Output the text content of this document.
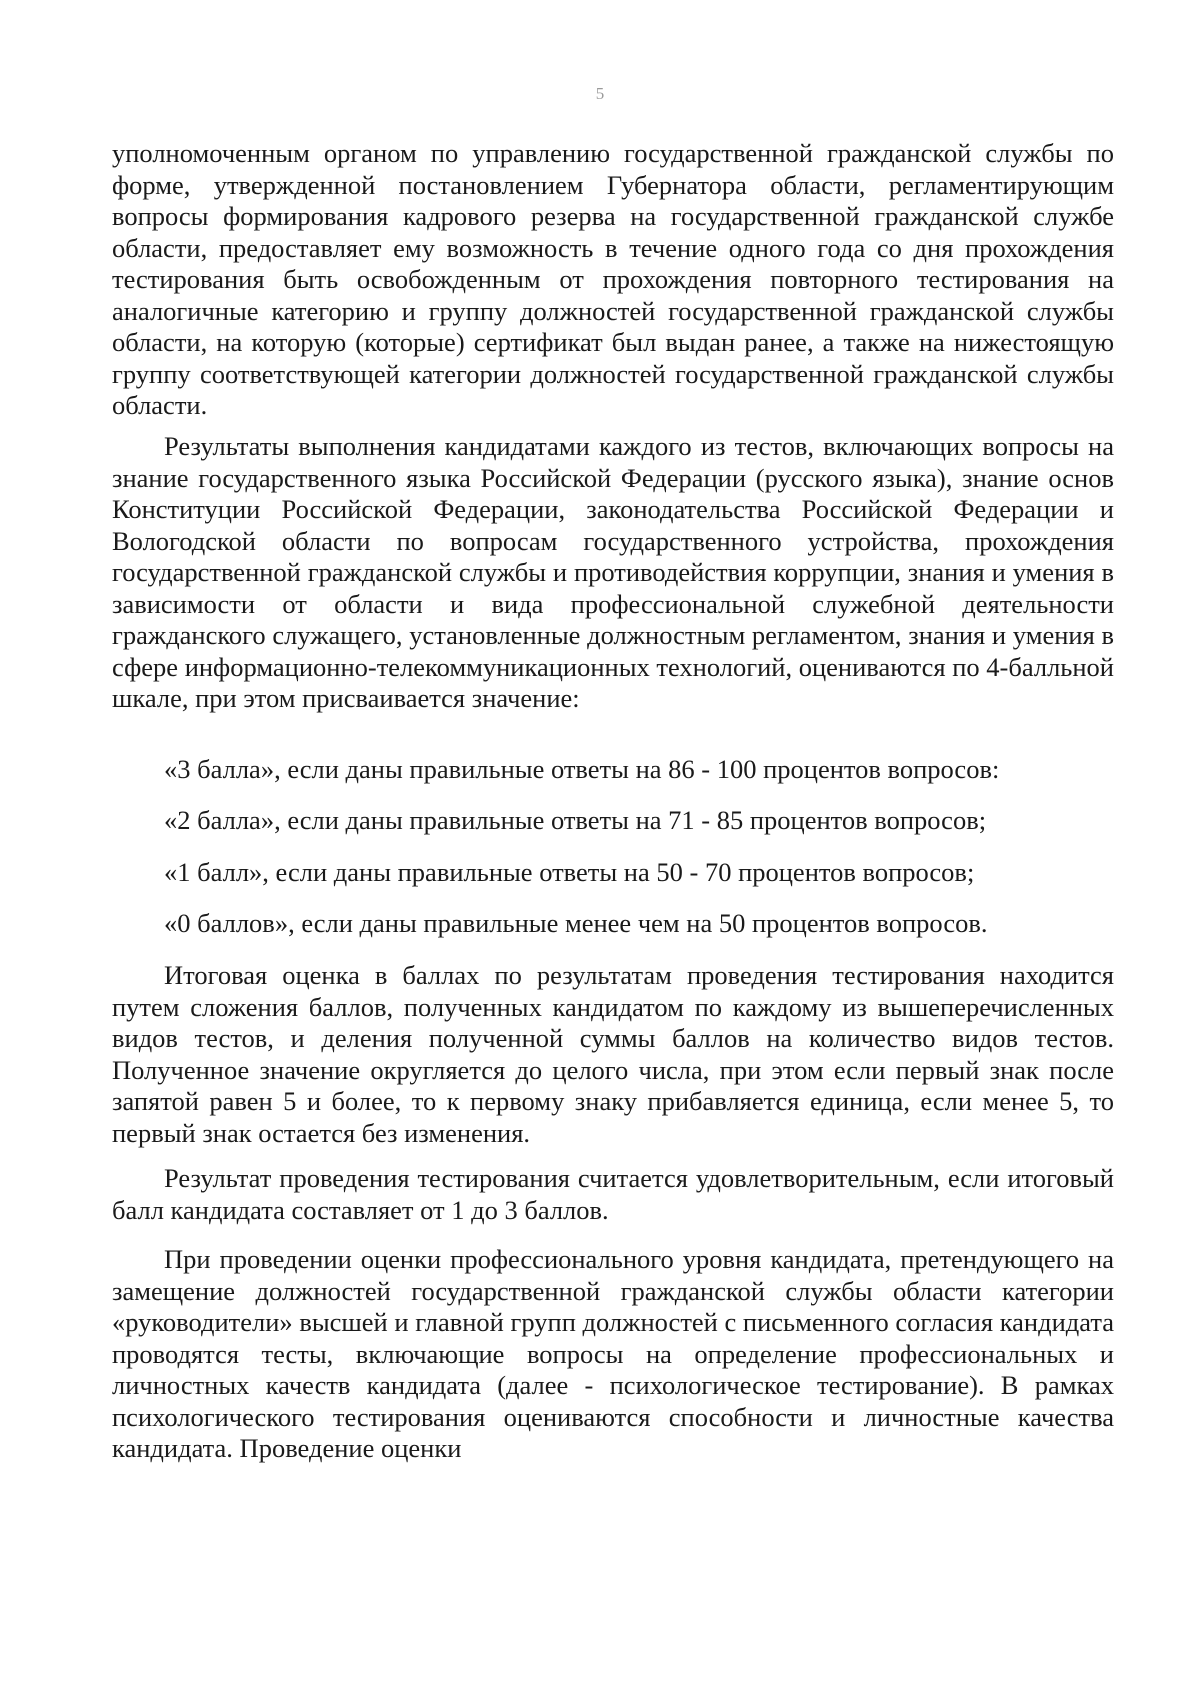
5

уполномоченным органом по управлению государственной гражданской службы по форме, утвержденной постановлением Губернатора области, регламентирующим вопросы формирования кадрового резерва на государственной гражданской службе области, предоставляет ему возможность в течение одного года со дня прохождения тестирования быть освобожденным от прохождения повторного тестирования на аналогичные категорию и группу должностей государственной гражданской службы области, на которую (которые) сертификат был выдан ранее, а также на нижестоящую группу соответствующей категории должностей государственной гражданской службы области.

Результаты выполнения кандидатами каждого из тестов, включающих вопросы на знание государственного языка Российской Федерации (русского языка), знание основ Конституции Российской Федерации, законодательства Российской Федерации и Вологодской области по вопросам государственного устройства, прохождения государственной гражданской службы и противодействия коррупции, знания и умения в зависимости от области и вида профессиональной служебной деятельности гражданского служащего, установленные должностным регламентом, знания и умения в сфере информационно-телекоммуникационных технологий, оцениваются по 4-балльной шкале, при этом присваивается значение:

«3 балла», если даны правильные ответы на 86 - 100 процентов вопросов:

«2 балла», если даны правильные ответы на 71 - 85 процентов вопросов;

«1 балл», если даны правильные ответы на 50 - 70 процентов вопросов;

«0 баллов», если даны правильные менее чем на 50 процентов вопросов.

Итоговая оценка в баллах по результатам проведения тестирования находится путем сложения баллов, полученных кандидатом по каждому из вышеперечисленных видов тестов, и деления полученной суммы баллов на количество видов тестов. Полученное значение округляется до целого числа, при этом если первый знак после запятой равен 5 и более, то к первому знаку прибавляется единица, если менее 5, то первый знак остается без изменения.

Результат проведения тестирования считается удовлетворительным, если итоговый балл кандидата составляет от 1 до 3 баллов.

При проведении оценки профессионального уровня кандидата, претендующего на замещение должностей государственной гражданской службы области категории «руководители» высшей и главной групп должностей с письменного согласия кандидата проводятся тесты, включающие вопросы на определение профессиональных и личностных качеств кандидата (далее - психологическое тестирование). В рамках психологического тестирования оцениваются способности и личностные качества кандидата. Проведение оценки
